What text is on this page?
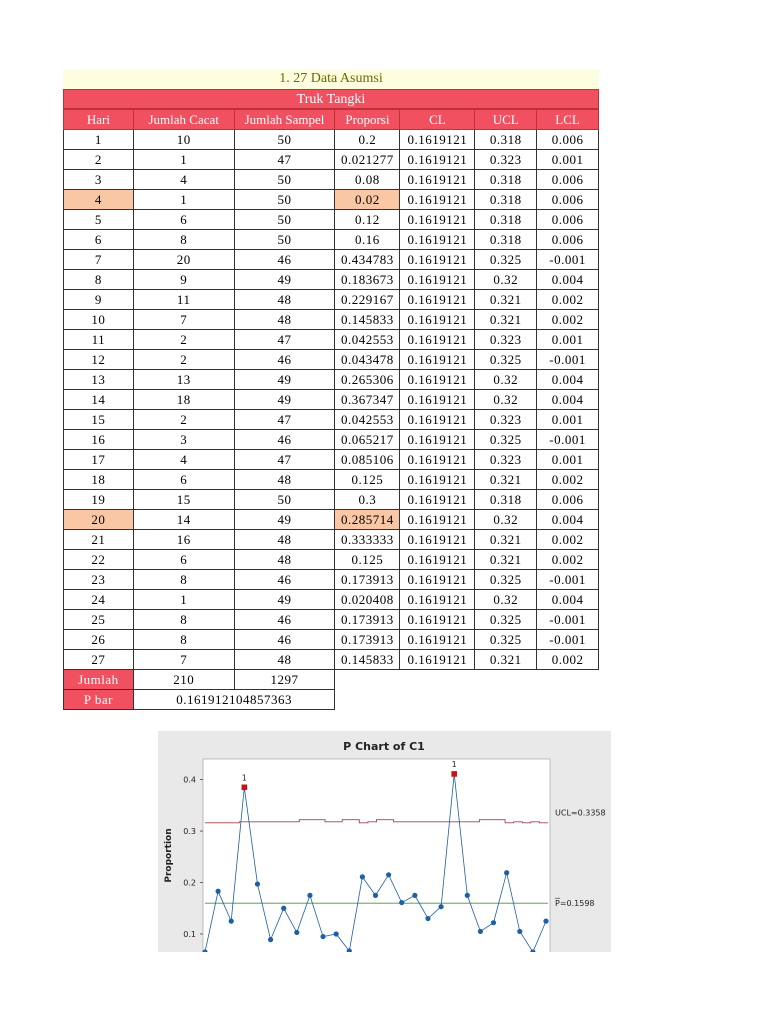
1. 27 Data Asumsi
Truk Tangki
Hari	Jumlah Cacat	Jumlah Sampel	Proporsi	CL	UCL	LCL
1	10	50	0.2	0.1619121	0.318	0.006
2	1	47	0.021277	0.1619121	0.323	0.001
3	4	50	0.08	0.1619121	0.318	0.006
4	1	50	0.02	0.1619121	0.318	0.006
5	6	50	0.12	0.1619121	0.318	0.006
6	8	50	0.16	0.1619121	0.318	0.006
7	20	46	0.434783	0.1619121	0.325	-0.001
8	9	49	0.183673	0.1619121	0.32	0.004
9	11	48	0.229167	0.1619121	0.321	0.002
10	7	48	0.145833	0.1619121	0.321	0.002
11	2	47	0.042553	0.1619121	0.323	0.001
12	2	46	0.043478	0.1619121	0.325	-0.001
13	13	49	0.265306	0.1619121	0.32	0.004
14	18	49	0.367347	0.1619121	0.32	0.004
15	2	47	0.042553	0.1619121	0.323	0.001
16	3	46	0.065217	0.1619121	0.325	-0.001
17	4	47	0.085106	0.1619121	0.323	0.001
18	6	48	0.125	0.1619121	0.321	0.002
19	15	50	0.3	0.1619121	0.318	0.006
20	14	49	0.285714	0.1619121	0.32	0.004
21	16	48	0.333333	0.1619121	0.321	0.002
22	6	48	0.125	0.1619121	0.321	0.002
23	8	46	0.173913	0.1619121	0.325	-0.001
24	1	49	0.020408	0.1619121	0.32	0.004
25	8	46	0.173913	0.1619121	0.325	-0.001
26	8	46	0.173913	0.1619121	0.325	-0.001
27	7	48	0.145833	0.1619121	0.321	0.002
Jumlah	210	1297				
P bar	0.161912104857363					
P Chart of C1
0.1
0.2
0.3
0.4
Proportion
UCL=0.3358
P=0.1598
1
1
